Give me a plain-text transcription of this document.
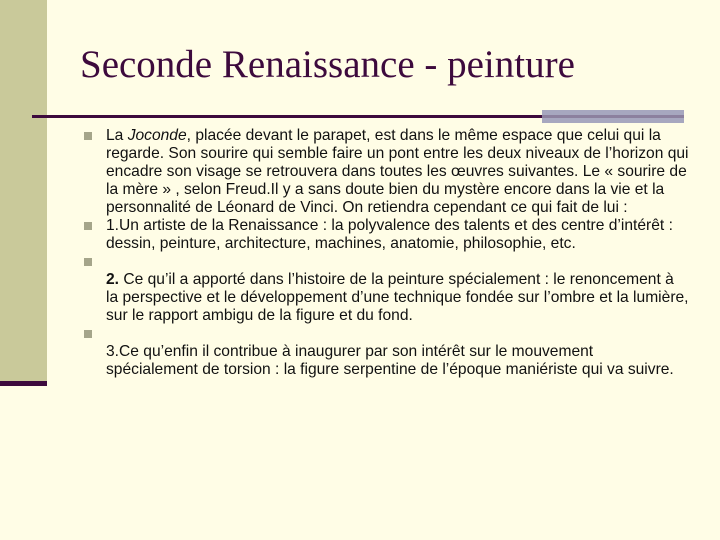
Seconde Renaissance - peinture
La Joconde, placée devant le parapet, est dans le même espace que celui qui la regarde. Son sourire qui semble faire un pont entre les deux niveaux de l’horizon qui encadre son visage se retrouvera dans toutes les œuvres suivantes. Le « sourire de la mère » , selon Freud.Il y a sans doute bien du mystère encore dans la vie et la personnalité de Léonard de Vinci. On retiendra cependant ce qui fait de lui :
1.Un artiste de la Renaissance : la polyvalence des talents et des centre d’intérêt : dessin, peinture, architecture, machines, anatomie, philosophie, etc.
2. Ce qu’il a apporté dans l’histoire de la peinture spécialement : le renoncement à la perspective et le développement d’une technique fondée sur l’ombre et la lumière, sur le rapport ambigu de la figure et du fond.
3.Ce qu’enfin il contribue à inaugurer par son intérêt sur le mouvement spécialement de torsion : la figure serpentine de l’époque maniériste qui va suivre.
